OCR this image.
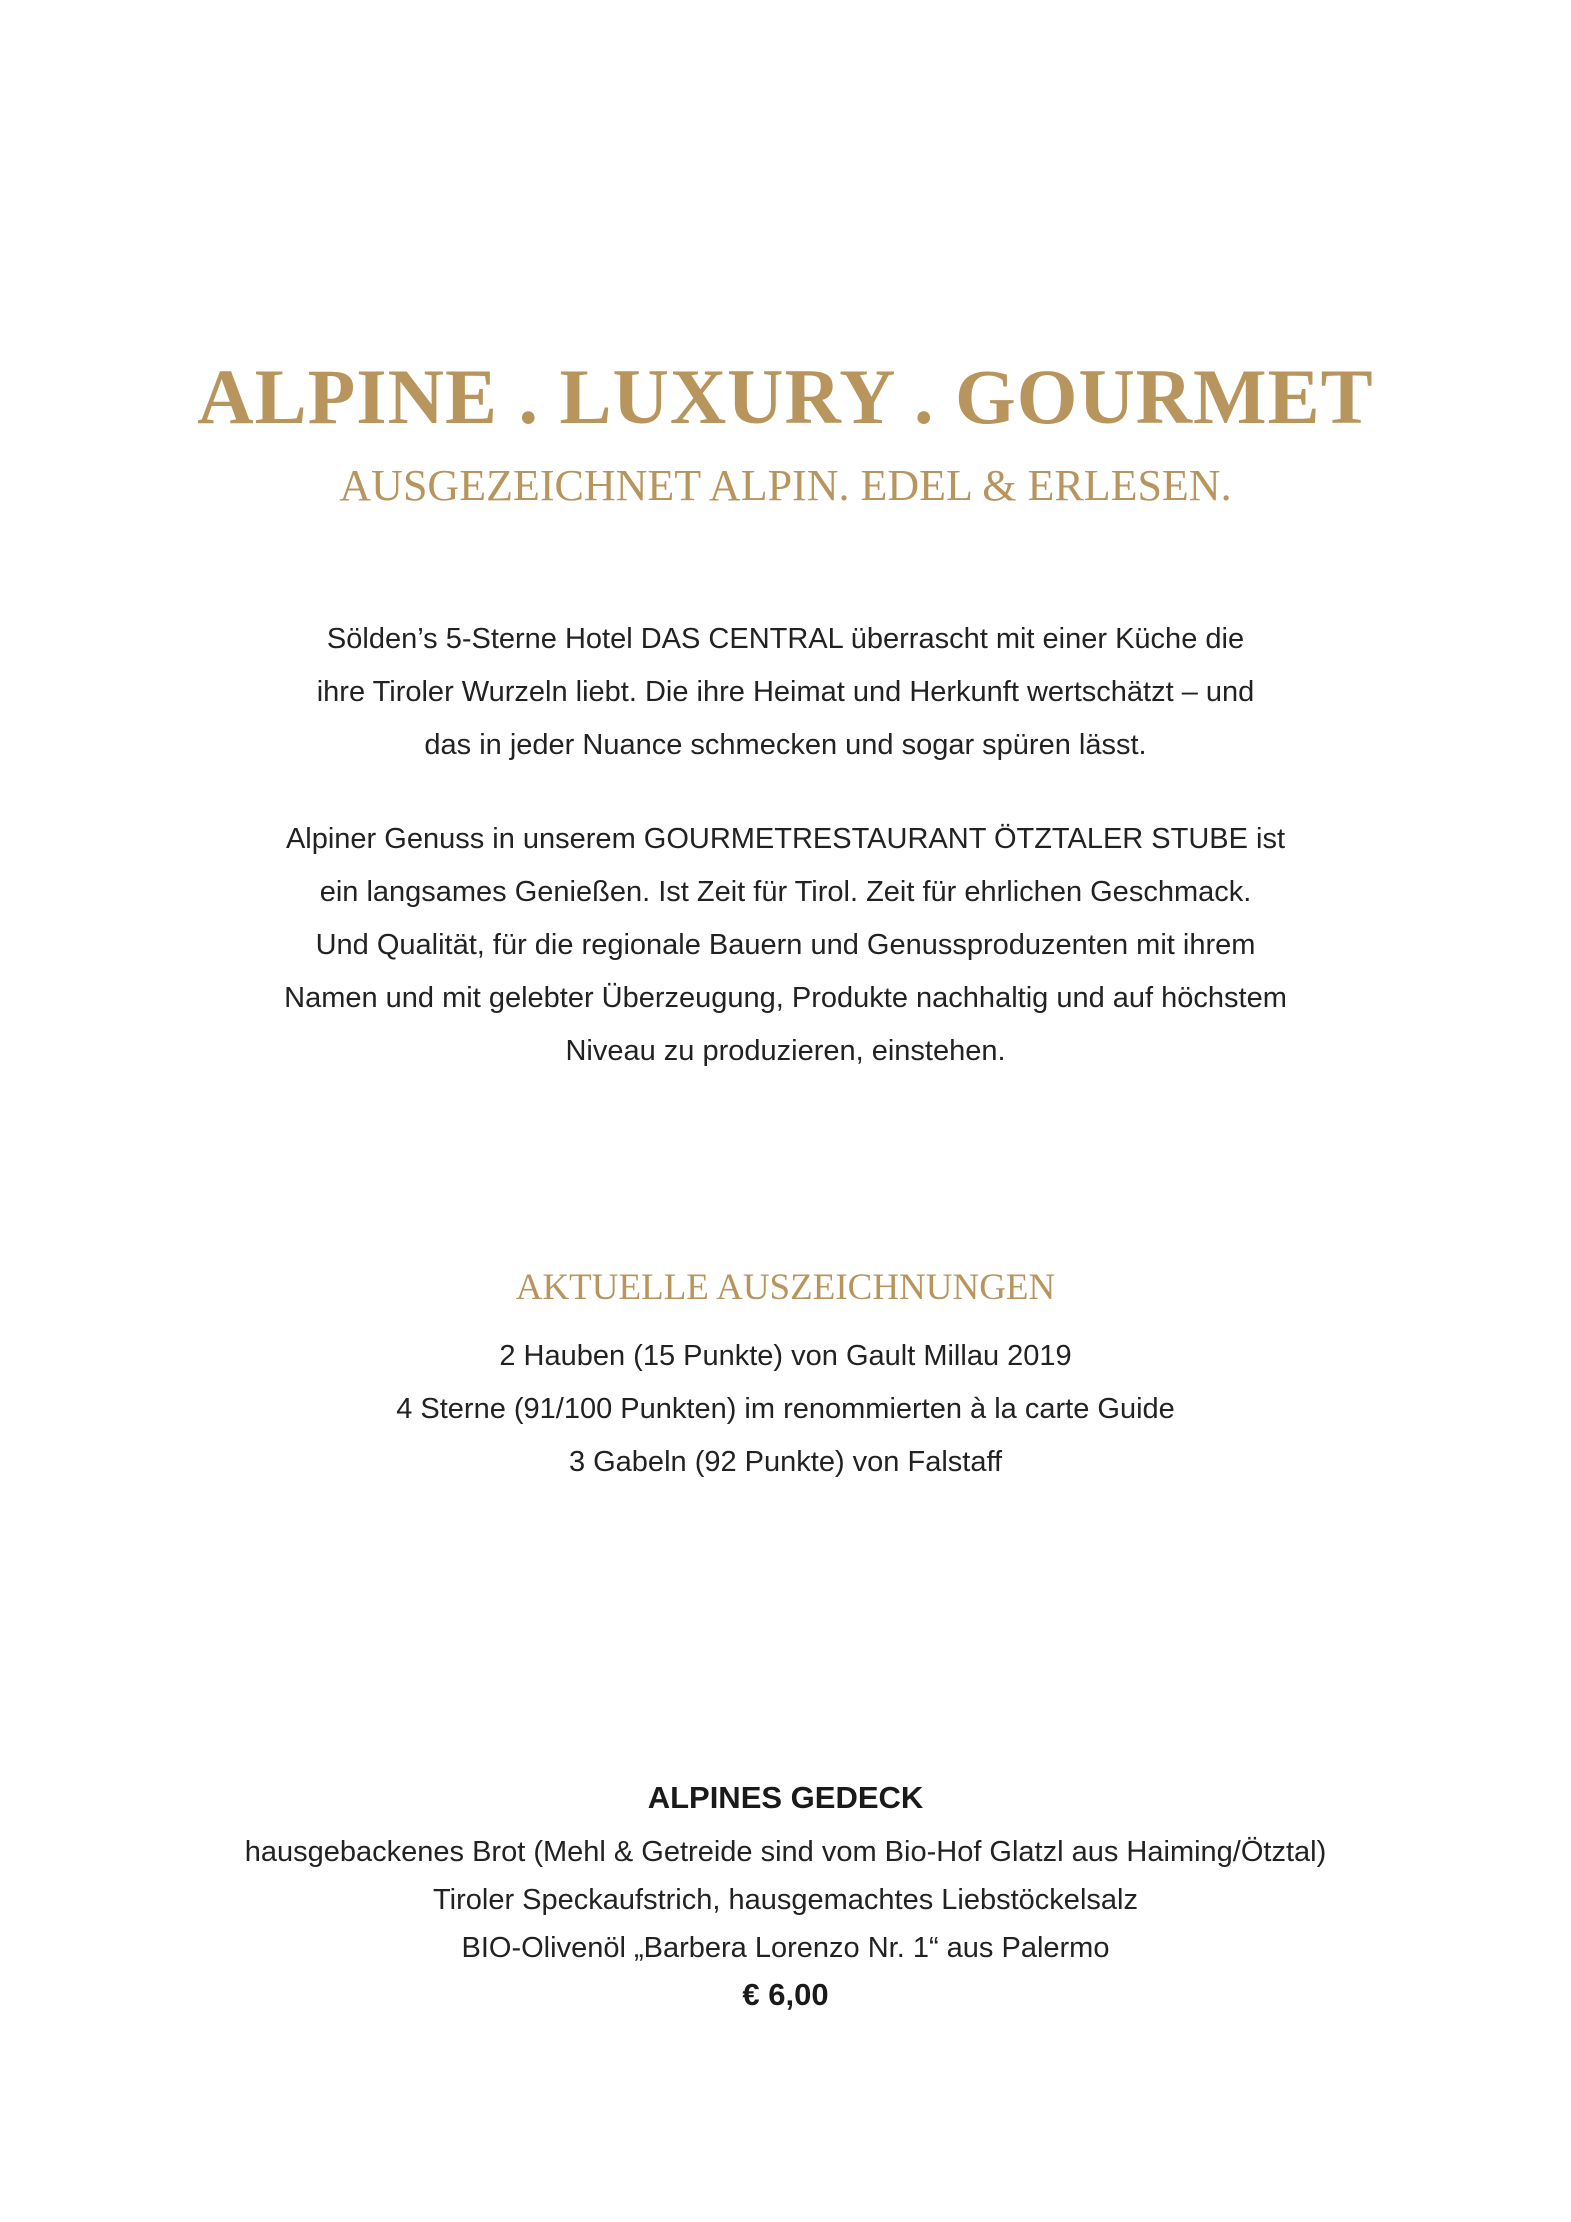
ALPINE . LUXURY . GOURMET
AUSGEZEICHNET ALPIN. EDEL & ERLESEN.
Sölden’s 5-Sterne Hotel DAS CENTRAL überrascht mit einer Küche die
ihre Tiroler Wurzeln liebt. Die ihre Heimat und Herkunft wertschätzt – und
das in jeder Nuance schmecken und sogar spüren lässt.
Alpiner Genuss in unserem GOURMETRESTAURANT ÖTZTALER STUBE ist
ein langsames Genießen. Ist Zeit für Tirol. Zeit für ehrlichen Geschmack.
Und Qualität, für die regionale Bauern und Genussproduzenten mit ihrem
Namen und mit gelebter Überzeugung, Produkte nachhaltig und auf höchstem
Niveau zu produzieren, einstehen.
AKTUELLE AUSZEICHNUNGEN
2 Hauben (15 Punkte) von Gault Millau 2019
4 Sterne (91/100 Punkten) im renommierten à la carte Guide
3 Gabeln (92 Punkte) von Falstaff
ALPINES GEDECK
hausgebackenes Brot (Mehl & Getreide sind vom Bio-Hof Glatzl aus Haiming/Ötztal)
Tiroler Speckaufstrich, hausgemachtes Liebstöckelsalz
BIO-Olivenöl „Barbera Lorenzo Nr. 1“ aus Palermo
€ 6,00
